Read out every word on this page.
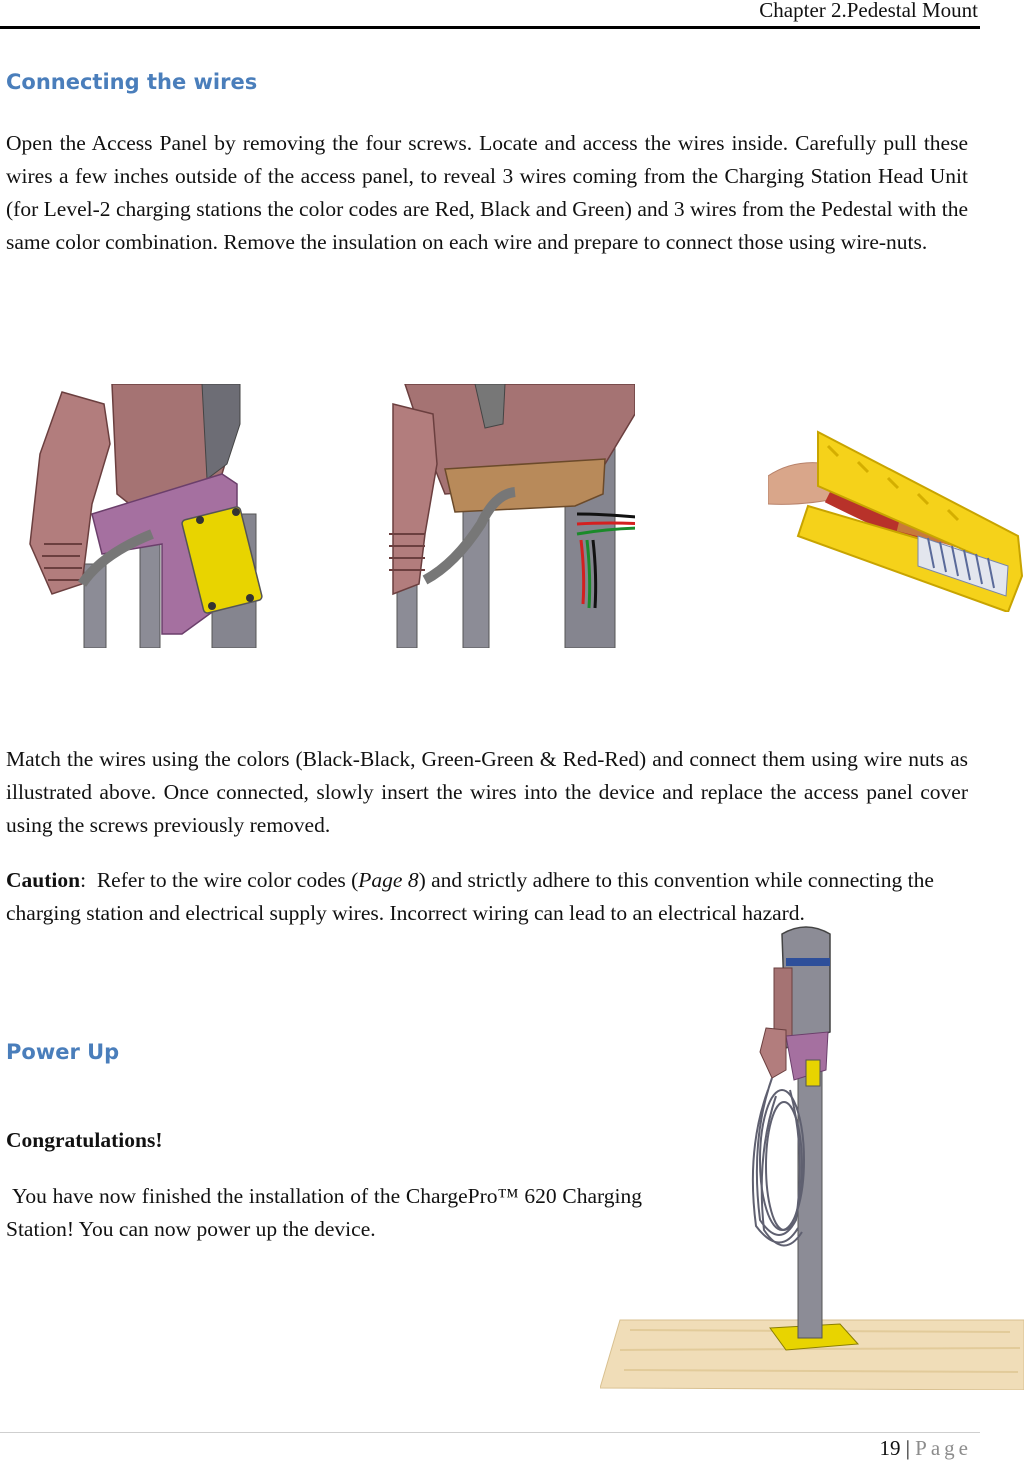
Chapter 2.Pedestal Mount
Connecting the wires

Open the Access Panel by removing the four screws. Locate and access the wires inside. Carefully pull these wires a few inches outside of the access panel, to reveal 3 wires coming from the Charging Station Head Unit (for Level-2 charging stations the color codes are Red, Black and Green) and 3 wires from the Pedestal with the same color combination. Remove the insulation on each wire and prepare to connect those using wire-nuts.

Match the wires using the colors (Black-Black, Green-Green & Red-Red) and connect them using wire nuts as illustrated above. Once connected, slowly insert the wires into the device and replace the access panel cover using the screws previously removed.

Caution:  Refer to the wire color codes (Page 8) and strictly adhere to this convention while connecting the charging station and electrical supply wires. Incorrect wiring can lead to an electrical hazard.

Power Up

Congratulations!

You have now finished the installation of the ChargePro™ 620 Charging Station! You can now power up the device.

19 | Page
